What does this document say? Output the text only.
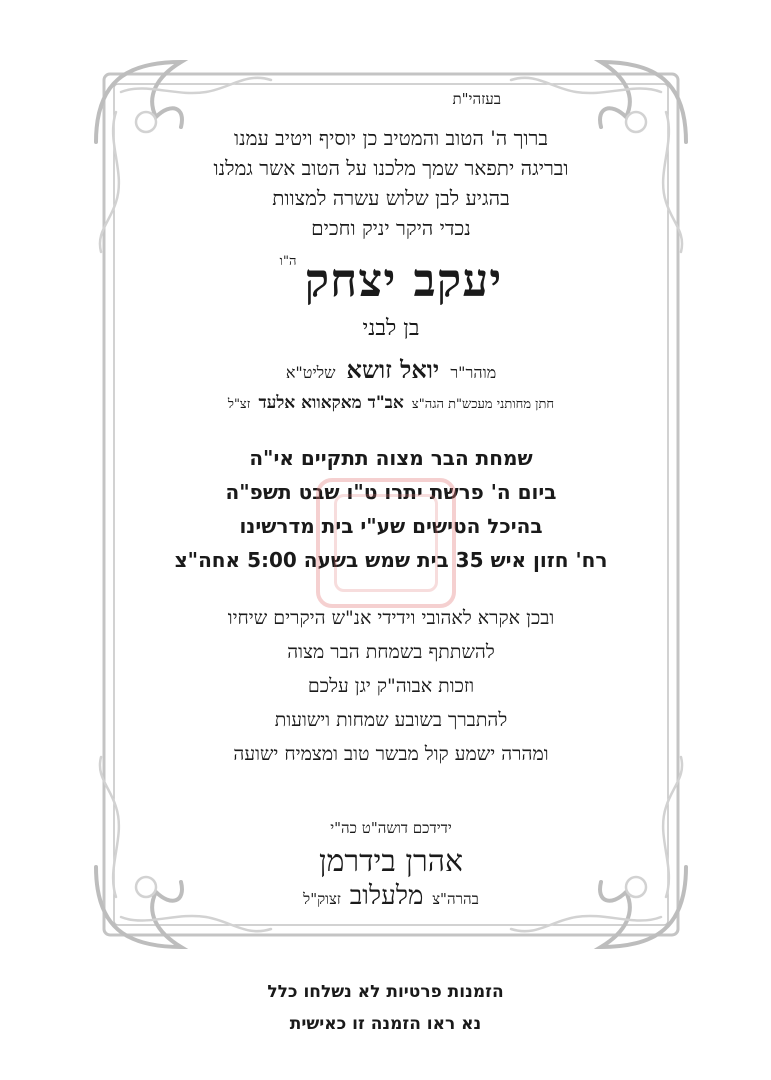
בעזהי"ת
ברוך ה' הטוב והמטיב כן יוסיף ויטיב עמנו
ובריגה יתפאר שמך מלכנו על הטוב אשר גמלנו
בהגיע לבן שלוש עשרה למצוות
נכדי היקר יניק וחכים
יעקב יצחק$^{ה"ו}$
בן לבני
מוהר"ר יואל זושא שליט"א
חתן מחותני מעכש"ת הגה"צ אב"ד מאקאווא אלעד זצ"ל
שמחת הבר מצוה תתקיים אי"ה
ביום ה' פרשת יתרו ט"ו שבט תשפ"ה
בהיכל הטישים שע"י בית מדרשינו
רח' חזון איש 35 בית שמש בשעה 5:00 אחה"צ
ובכן אקרא לאהובי וידידי אנ"ש היקרים שיחיו
להשתתף בשמחת הבר מצוה
וזכות אבוה"ק יגן עלכם
להתברך בשובע שמחות וישועות
ומהרה ישמע קול מבשר טוב ומצמיח ישועה
ידידכם דושה"ט כה"י
אהרן בידרמן
בהרה"צ מלעלוב זצוק"ל
הזמנות פרטיות לא נשלחו כלל
נא ראו הזמנה זו כאישית
